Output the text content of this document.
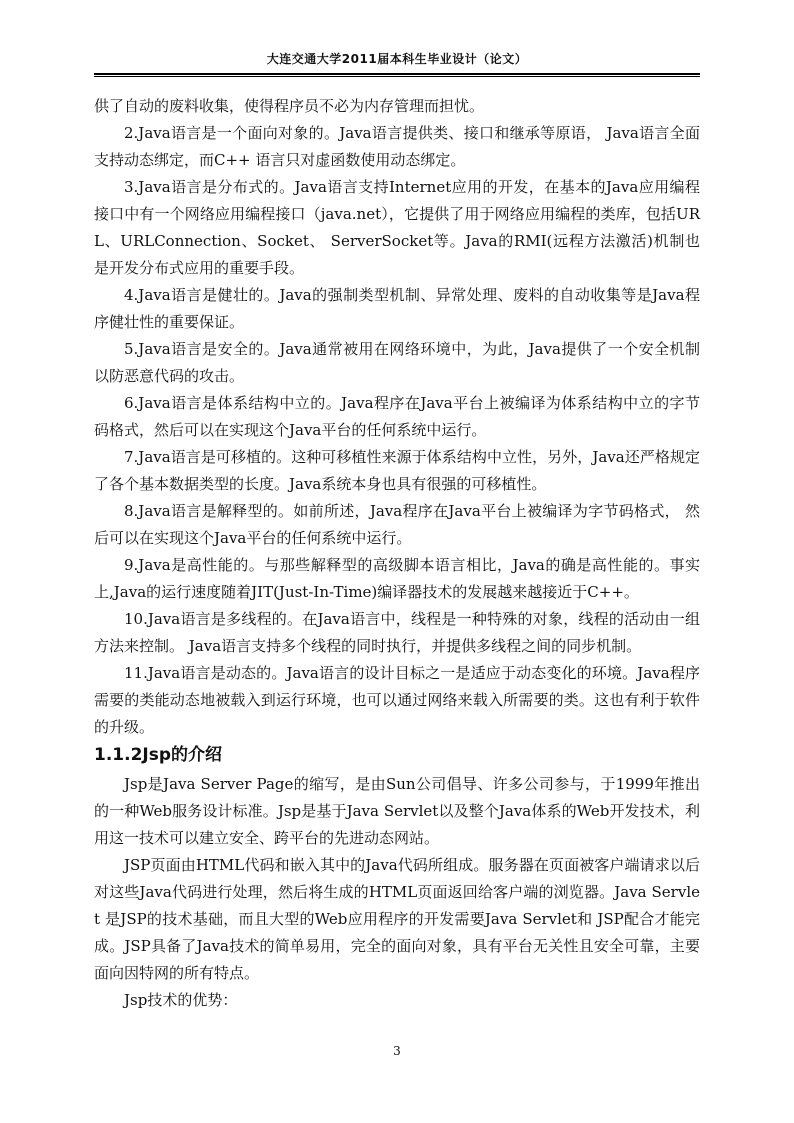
大连交通大学2011届本科生毕业设计（论文）

供了自动的废料收集，使得程序员不必为内存管理而担忧。

2.Java语言是一个面向对象的。Java语言提供类、接口和继承等原语， Java语言全面支持动态绑定，而C++ 语言只对虚函数使用动态绑定。

3.Java语言是分布式的。Java语言支持Internet应用的开发，在基本的Java应用编程接口中有一个网络应用编程接口（java.net），它提供了用于网络应用编程的类库，包括URL、URLConnection、Socket、 ServerSocket等。Java的RMI(远程方法激活)机制也是开发分布式应用的重要手段。

4.Java语言是健壮的。Java的强制类型机制、异常处理、废料的自动收集等是Java程序健壮性的重要保证。

5.Java语言是安全的。Java通常被用在网络环境中，为此，Java提供了一个安全机制以防恶意代码的攻击。

6.Java语言是体系结构中立的。Java程序在Java平台上被编译为体系结构中立的字节码格式，然后可以在实现这个Java平台的任何系统中运行。

7.Java语言是可移植的。这种可移植性来源于体系结构中立性，另外，Java还严格规定了各个基本数据类型的长度。Java系统本身也具有很强的可移植性。

8.Java语言是解释型的。如前所述，Java程序在Java平台上被编译为字节码格式， 然后可以在实现这个Java平台的任何系统中运行。

9.Java是高性能的。与那些解释型的高级脚本语言相比，Java的确是高性能的。事实上,Java的运行速度随着JIT(Just-In-Time)编译器技术的发展越来越接近于C++。

10.Java语言是多线程的。在Java语言中，线程是一种特殊的对象，线程的活动由一组方法来控制。 Java语言支持多个线程的同时执行，并提供多线程之间的同步机制。

11.Java语言是动态的。Java语言的设计目标之一是适应于动态变化的环境。Java程序需要的类能动态地被载入到运行环境，也可以通过网络来载入所需要的类。这也有利于软件的升级。

1.1.2Jsp的介绍

Jsp是Java Server Page的缩写，是由Sun公司倡导、许多公司参与，于1999年推出的一种Web服务设计标准。Jsp是基于Java Servlet以及整个Java体系的Web开发技术，利用这一技术可以建立安全、跨平台的先进动态网站。

JSP页面由HTML代码和嵌入其中的Java代码所组成。服务器在页面被客户端请求以后对这些Java代码进行处理，然后将生成的HTML页面返回给客户端的浏览器。Java Servlet 是JSP的技术基础，而且大型的Web应用程序的开发需要Java Servlet和 JSP配合才能完成。JSP具备了Java技术的简单易用，完全的面向对象，具有平台无关性且安全可靠，主要面向因特网的所有特点。

Jsp技术的优势：

3
